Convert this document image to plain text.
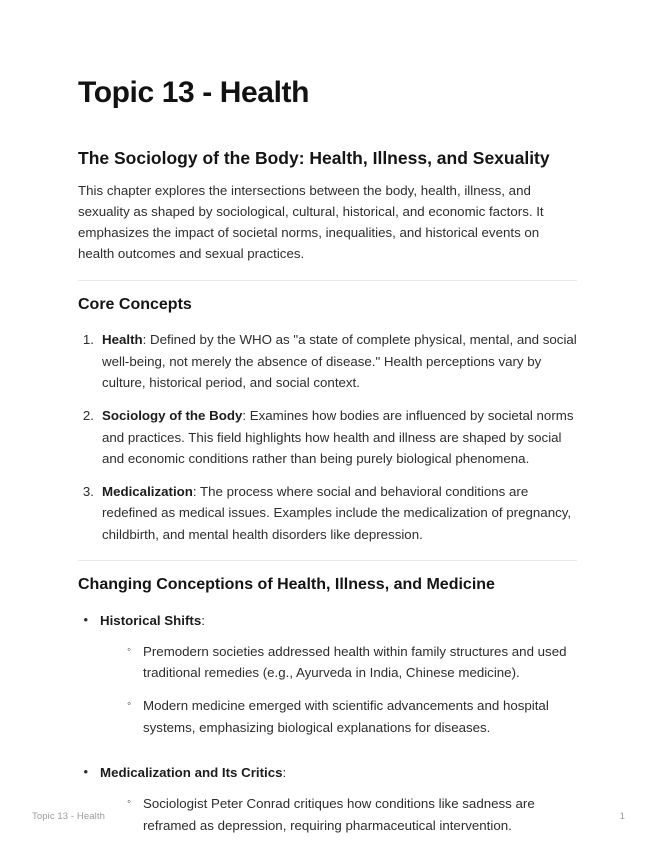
Topic 13 - Health
The Sociology of the Body: Health, Illness, and Sexuality

This chapter explores the intersections between the body, health, illness, and sexuality as shaped by sociological, cultural, historical, and economic factors. It emphasizes the impact of societal norms, inequalities, and historical events on health outcomes and sexual practices.

Core Concepts
1. Health: Defined by the WHO as "a state of complete physical, mental, and social well-being, not merely the absence of disease." Health perceptions vary by culture, historical period, and social context.
2. Sociology of the Body: Examines how bodies are influenced by societal norms and practices. This field highlights how health and illness are shaped by social and economic conditions rather than being purely biological phenomena.
3. Medicalization: The process where social and behavioral conditions are redefined as medical issues. Examples include the medicalization of pregnancy, childbirth, and mental health disorders like depression.
Changing Conceptions of Health, Illness, and Medicine
• Historical Shifts:
◦ Premodern societies addressed health within family structures and used traditional remedies (e.g., Ayurveda in India, Chinese medicine).
◦ Modern medicine emerged with scientific advancements and hospital systems, emphasizing biological explanations for diseases.
• Medicalization and Its Critics:
◦ Sociologist Peter Conrad critiques how conditions like sadness are reframed as depression, requiring pharmaceutical intervention.
Topic 13 - Health	1
